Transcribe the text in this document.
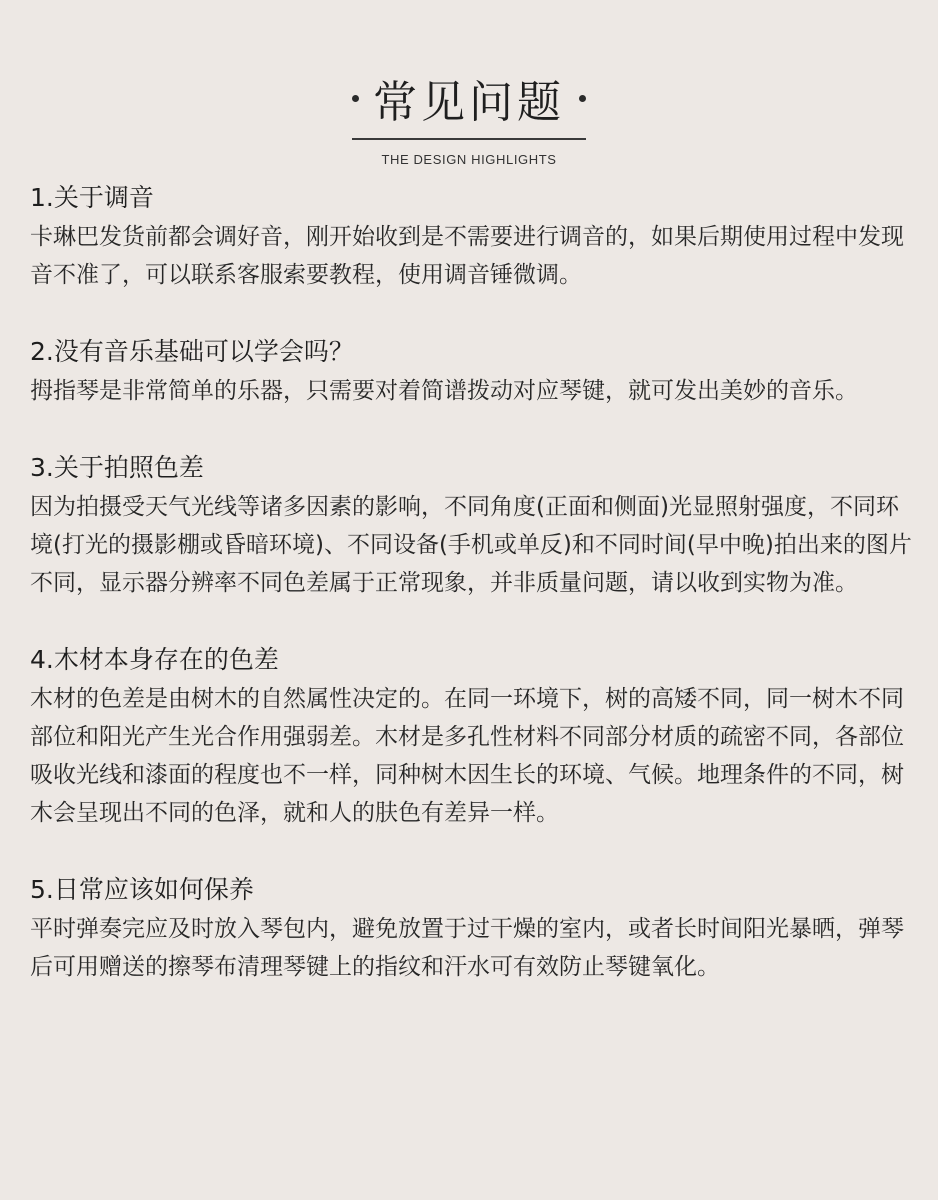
常见问题
THE DESIGN HIGHLIGHTS
1.关于调音
卡琳巴发货前都会调好音，刚开始收到是不需要进行调音的，如果后期使用过程中发现音不准了，可以联系客服索要教程，使用调音锤微调。
2.没有音乐基础可以学会吗？
拇指琴是非常简单的乐器，只需要对着简谱拨动对应琴键，就可发出美妙的音乐。
3.关于拍照色差
因为拍摄受天气光线等诸多因素的影响，不同角度(正面和侧面)光显照射强度，不同环境(打光的摄影棚或昏暗环境)、不同设备(手机或单反)和不同时间(早中晚)拍出来的图片不同，显示器分辨率不同色差属于正常现象，并非质量问题，请以收到实物为准。
4.木材本身存在的色差
木材的色差是由树木的自然属性决定的。在同一环境下，树的高矮不同，同一树木不同部位和阳光产生光合作用强弱差。木材是多孔性材料不同部分材质的疏密不同，各部位吸收光线和漆面的程度也不一样，同种树木因生长的环境、气候。地理条件的不同，树木会呈现出不同的色泽，就和人的肤色有差异一样。
5.日常应该如何保养
平时弹奏完应及时放入琴包内，避免放置于过干燥的室内，或者长时间阳光暴晒，弹琴后可用赠送的擦琴布清理琴键上的指纹和汗水可有效防止琴键氧化。
